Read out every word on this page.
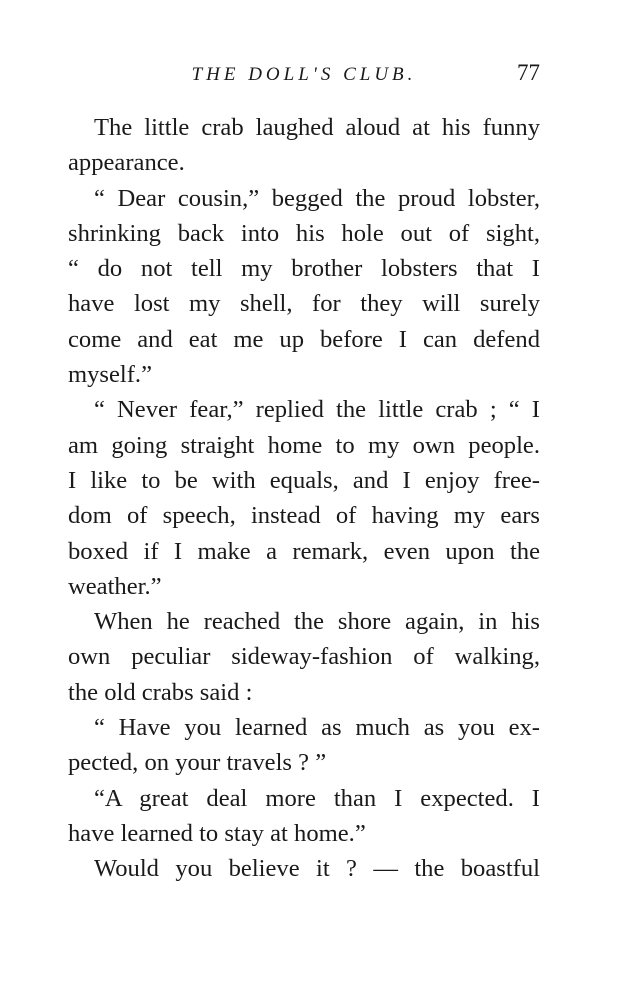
THE DOLL'S CLUB.	77
The little crab laughed aloud at his funny
appearance.
“ Dear cousin,” begged the proud lobster,
shrinking back into his hole out of sight,
“ do not tell my brother lobsters that I
have lost my shell, for they will surely
come and eat me up before I can defend
myself.”
“ Never fear,” replied the little crab ; “ I
am going straight home to my own people.
I like to be with equals, and I enjoy free-
dom of speech, instead of having my ears
boxed if I make a remark, even upon the
weather.”
When he reached the shore again, in his
own peculiar sideway-fashion of walking,
the old crabs said :
“ Have you learned as much as you ex-
pected, on your travels ? ”
“A great deal more than I expected. I
have learned to stay at home.”
Would you believe it ? — the boastful
